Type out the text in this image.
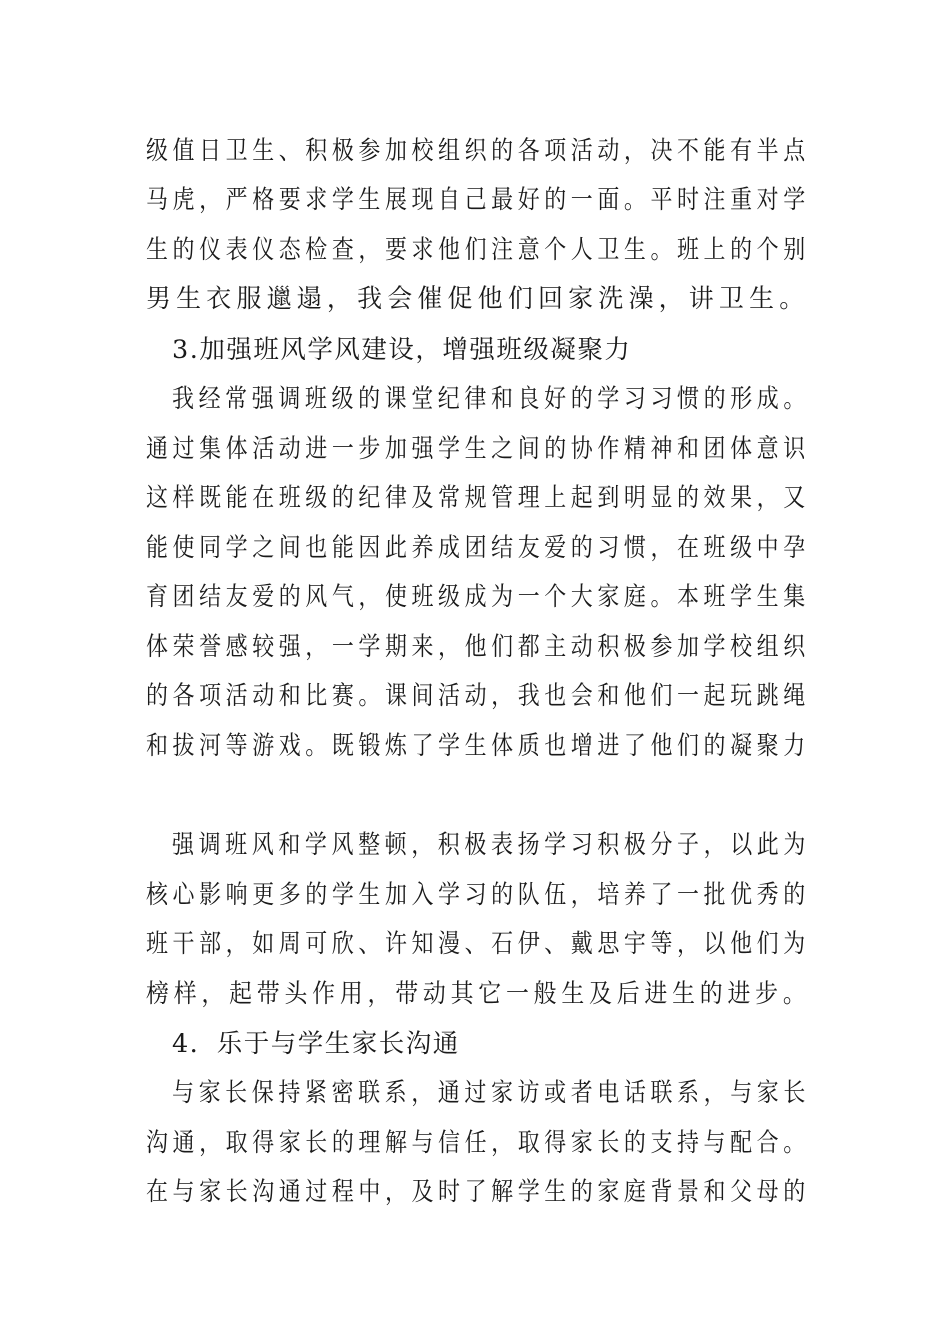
级值日卫生、积极参加校组织的各项活动，决不能有半点
马虎，严格要求学生展现自己最好的一面。平时注重对学
生的仪表仪态检查，要求他们注意个人卫生。班上的个别
男生衣服邋遢，我会催促他们回家洗澡，讲卫生。
3.加强班风学风建设，增强班级凝聚力
我经常强调班级的课堂纪律和良好的学习习惯的形成。
通过集体活动进一步加强学生之间的协作精神和团体意识
这样既能在班级的纪律及常规管理上起到明显的效果，又
能使同学之间也能因此养成团结友爱的习惯，在班级中孕
育团结友爱的风气，使班级成为一个大家庭。本班学生集
体荣誉感较强，一学期来，他们都主动积极参加学校组织
的各项活动和比赛。课间活动，我也会和他们一起玩跳绳
和拔河等游戏。既锻炼了学生体质也增进了他们的凝聚力
强调班风和学风整顿，积极表扬学习积极分子，以此为
核心影响更多的学生加入学习的队伍，培养了一批优秀的
班干部，如周可欣、许知漫、石伊、戴思宇等，以他们为
榜样，起带头作用，带动其它一般生及后进生的进步。
4．乐于与学生家长沟通
与家长保持紧密联系，通过家访或者电话联系，与家长
沟通，取得家长的理解与信任，取得家长的支持与配合。
在与家长沟通过程中，及时了解学生的家庭背景和父母的
